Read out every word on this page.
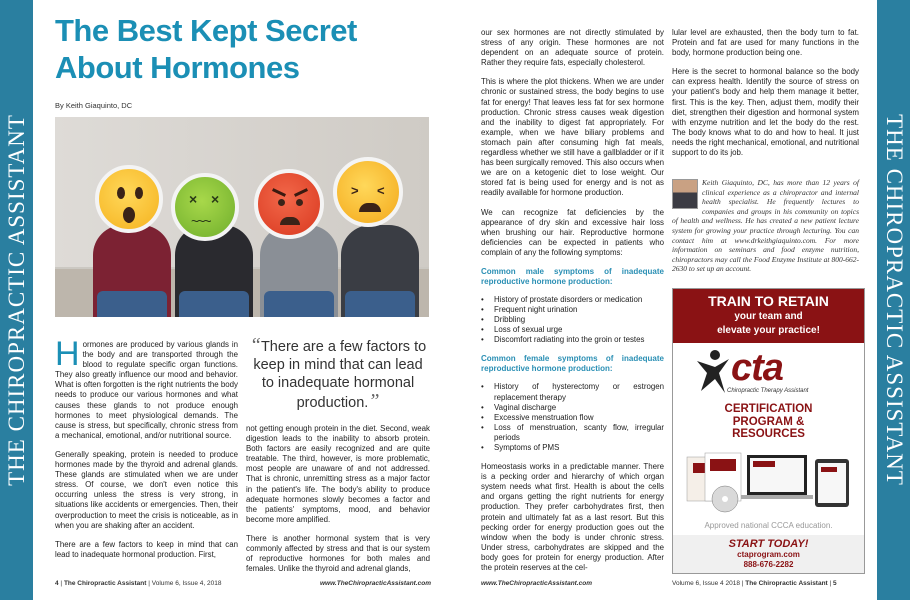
THE CHIROPRACTIC ASSISTANT	THE CHIROPRACTIC ASSISTANT
The Best Kept Secret About Hormones
By Keith Giaquinto, DC
× ×
~~~
> <

Hormones are produced by various glands in the body and are transported through the blood to regulate specific organ functions. They also greatly influence our mood and behavior. What is often forgotten is the right nutrients the body needs to produce our various hormones and what causes these glands to not produce enough hormones to meet physiological demands. The cause is stress, but specifically, chronic stress from a mechanical, emotional, and/or nutritional source.

Generally speaking, protein is needed to produce hormones made by the thyroid and adrenal glands. These glands are stimulated when we are under stress. Of course, we don't even notice this occurring unless the stress is very strong, in situations like accidents or emergencies. Then, their overproduction to meet the crisis is noticeable, as in when you are shaking after an accident.

There are a few factors to keep in mind that can lead to inadequate hormonal production. First,

“There are a few factors to keep in mind that can lead to inadequate hormonal production.”

not getting enough protein in the diet. Second, weak digestion leads to the inability to absorb protein. Both factors are easily recognized and are quite treatable. The third, however, is more problematic, most people are unaware of and not addressed. That is chronic, unremitting stress as a major factor in the patient's life. The body's ability to produce adequate hormones slowly becomes a factor and the patients' symptoms, mood, and behavior become more amplified.

There is another hormonal system that is very commonly affected by stress and that is our system of reproductive hormones for both males and females. Unlike the thyroid and adrenal glands,

our sex hormones are not directly stimulated by stress of any origin. These hormones are not dependent on an adequate source of protein. Rather they require fats, especially cholesterol.

This is where the plot thickens. When we are under chronic or sustained stress, the body begins to use fat for energy! That leaves less fat for sex hormone production. Chronic stress causes weak digestion and the inability to digest fat appropriately. For example, when we have biliary problems and stomach pain after consuming high fat meals, regardless whether we still have a gallbladder or if it has been surgically removed. This also occurs when we are on a ketogenic diet to lose weight. Our stored fat is being used for energy and is not as readily available for hormone production.

We can recognize fat deficiencies by the appearance of dry skin and excessive hair loss when brushing our hair. Reproductive hormone deficiencies can be expected in patients who complain of any the following symptoms:

Common male symptoms of inadequate reproductive hormone production:
• History of prostate disorders or medication
• Frequent night urination
• Dribbling
• Loss of sexual urge
• Discomfort radiating into the groin or testes
Common female symptoms of inadequate reproductive hormone production:
• History of hysterectomy or estrogen replacement therapy
• Vaginal discharge
• Excessive menstruation flow
• Loss of menstruation, scanty flow, irregular periods
• Symptoms of PMS

Homeostasis works in a predictable manner. There is a pecking order and hierarchy of which organ system needs what first. Health is about the cells and organs getting the right nutrients for energy production. They prefer carbohydrates first, then protein and ultimately fat as a last resort. But this pecking order for energy production goes out the window when the body is under chronic stress. Under stress, carbohydrates are skipped and the body goes for protein for energy production. After the protein reserves at the cel-

lular level are exhausted, then the body turn to fat. Protein and fat are used for many functions in the body, hormone production being one.

Here is the secret to hormonal balance so the body can express health. Identify the source of stress on your patient's body and help them manage it better, first. This is the key. Then, adjust them, modify their diet, strengthen their digestion and hormonal system with enzyme nutrition and let the body do the rest. The body knows what to do and how to heal. It just needs the right mechanical, emotional, and nutritional support to do its job.

Keith Giaquinto, DC, has more than 12 years of clinical experience as a chiropractor and internal health specialist. He frequently lectures to companies and groups in his community on topics of health and wellness. He has created a new patient lecture system for growing your practice through lecturing. You can contact him at www.drkeithgiaquinto.com. For more information on seminars and food enzyme nutrition, chiropractors may call the Food Enzyme Institute at 800-662-2630 to set up an account.
TRAIN TO RETAIN
your team and
elevate your practice!
cta
Chiropractic Therapy Assistant
CERTIFICATION
PROGRAM &
RESOURCES
Approved national CCCA education.
START TODAY!
ctaprogram.com
888-676-2282
4 | The Chiropractic Assistant | Volume 6, Issue 4, 2018	www.TheChiropracticAssistant.com	www.TheChiropracticAssistant.com	Volume 6, Issue 4 2018 | The Chiropractic Assistant | 5
